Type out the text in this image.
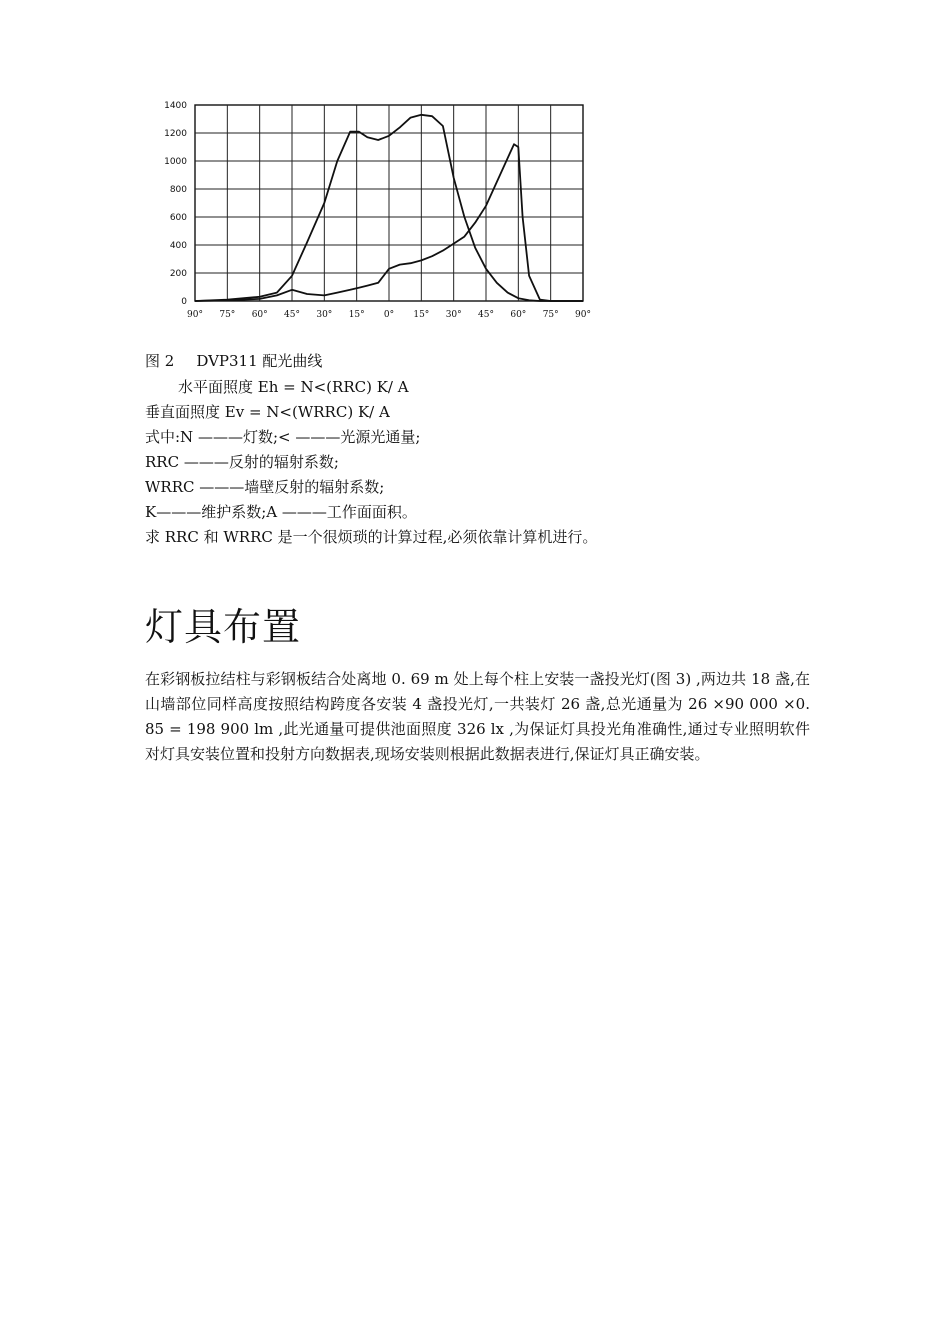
90° 75° 60° 45° 30° 15° 0° 15° 30° 45° 60° 75° 90°
0
200
400
600
800
1000
1200
1400
图 2 DVP311 配光曲线
水平面照度 Eh = N<(RRC) K/ A
垂直面照度 Ev = N<(WRRC) K/ A
式中:N ———灯数;< ———光源光通量;
RRC ———反射的辐射系数;
WRRC ———墙壁反射的辐射系数;
K———维护系数;A ———工作面面积。
求 RRC 和 WRRC 是一个很烦琐的计算过程,必须依靠计算机进行。
灯具布置
在彩钢板拉结柱与彩钢板结合处离地 0. 69 m 处上每个柱上安装一盏投光灯(图 3) ,两边共 18 盏,在山墙部位同样高度按照结构跨度各安装 4 盏投光灯,一共装灯 26 盏,总光通量为 26 ×90 000 ×0. 85 = 198 900 lm ,此光通量可提供池面照度 326 lx ,为保证灯具投光角准确性,通过专业照明软件对灯具安装位置和投射方向数据表,现场安装则根据此数据表进行,保证灯具正确安装。
